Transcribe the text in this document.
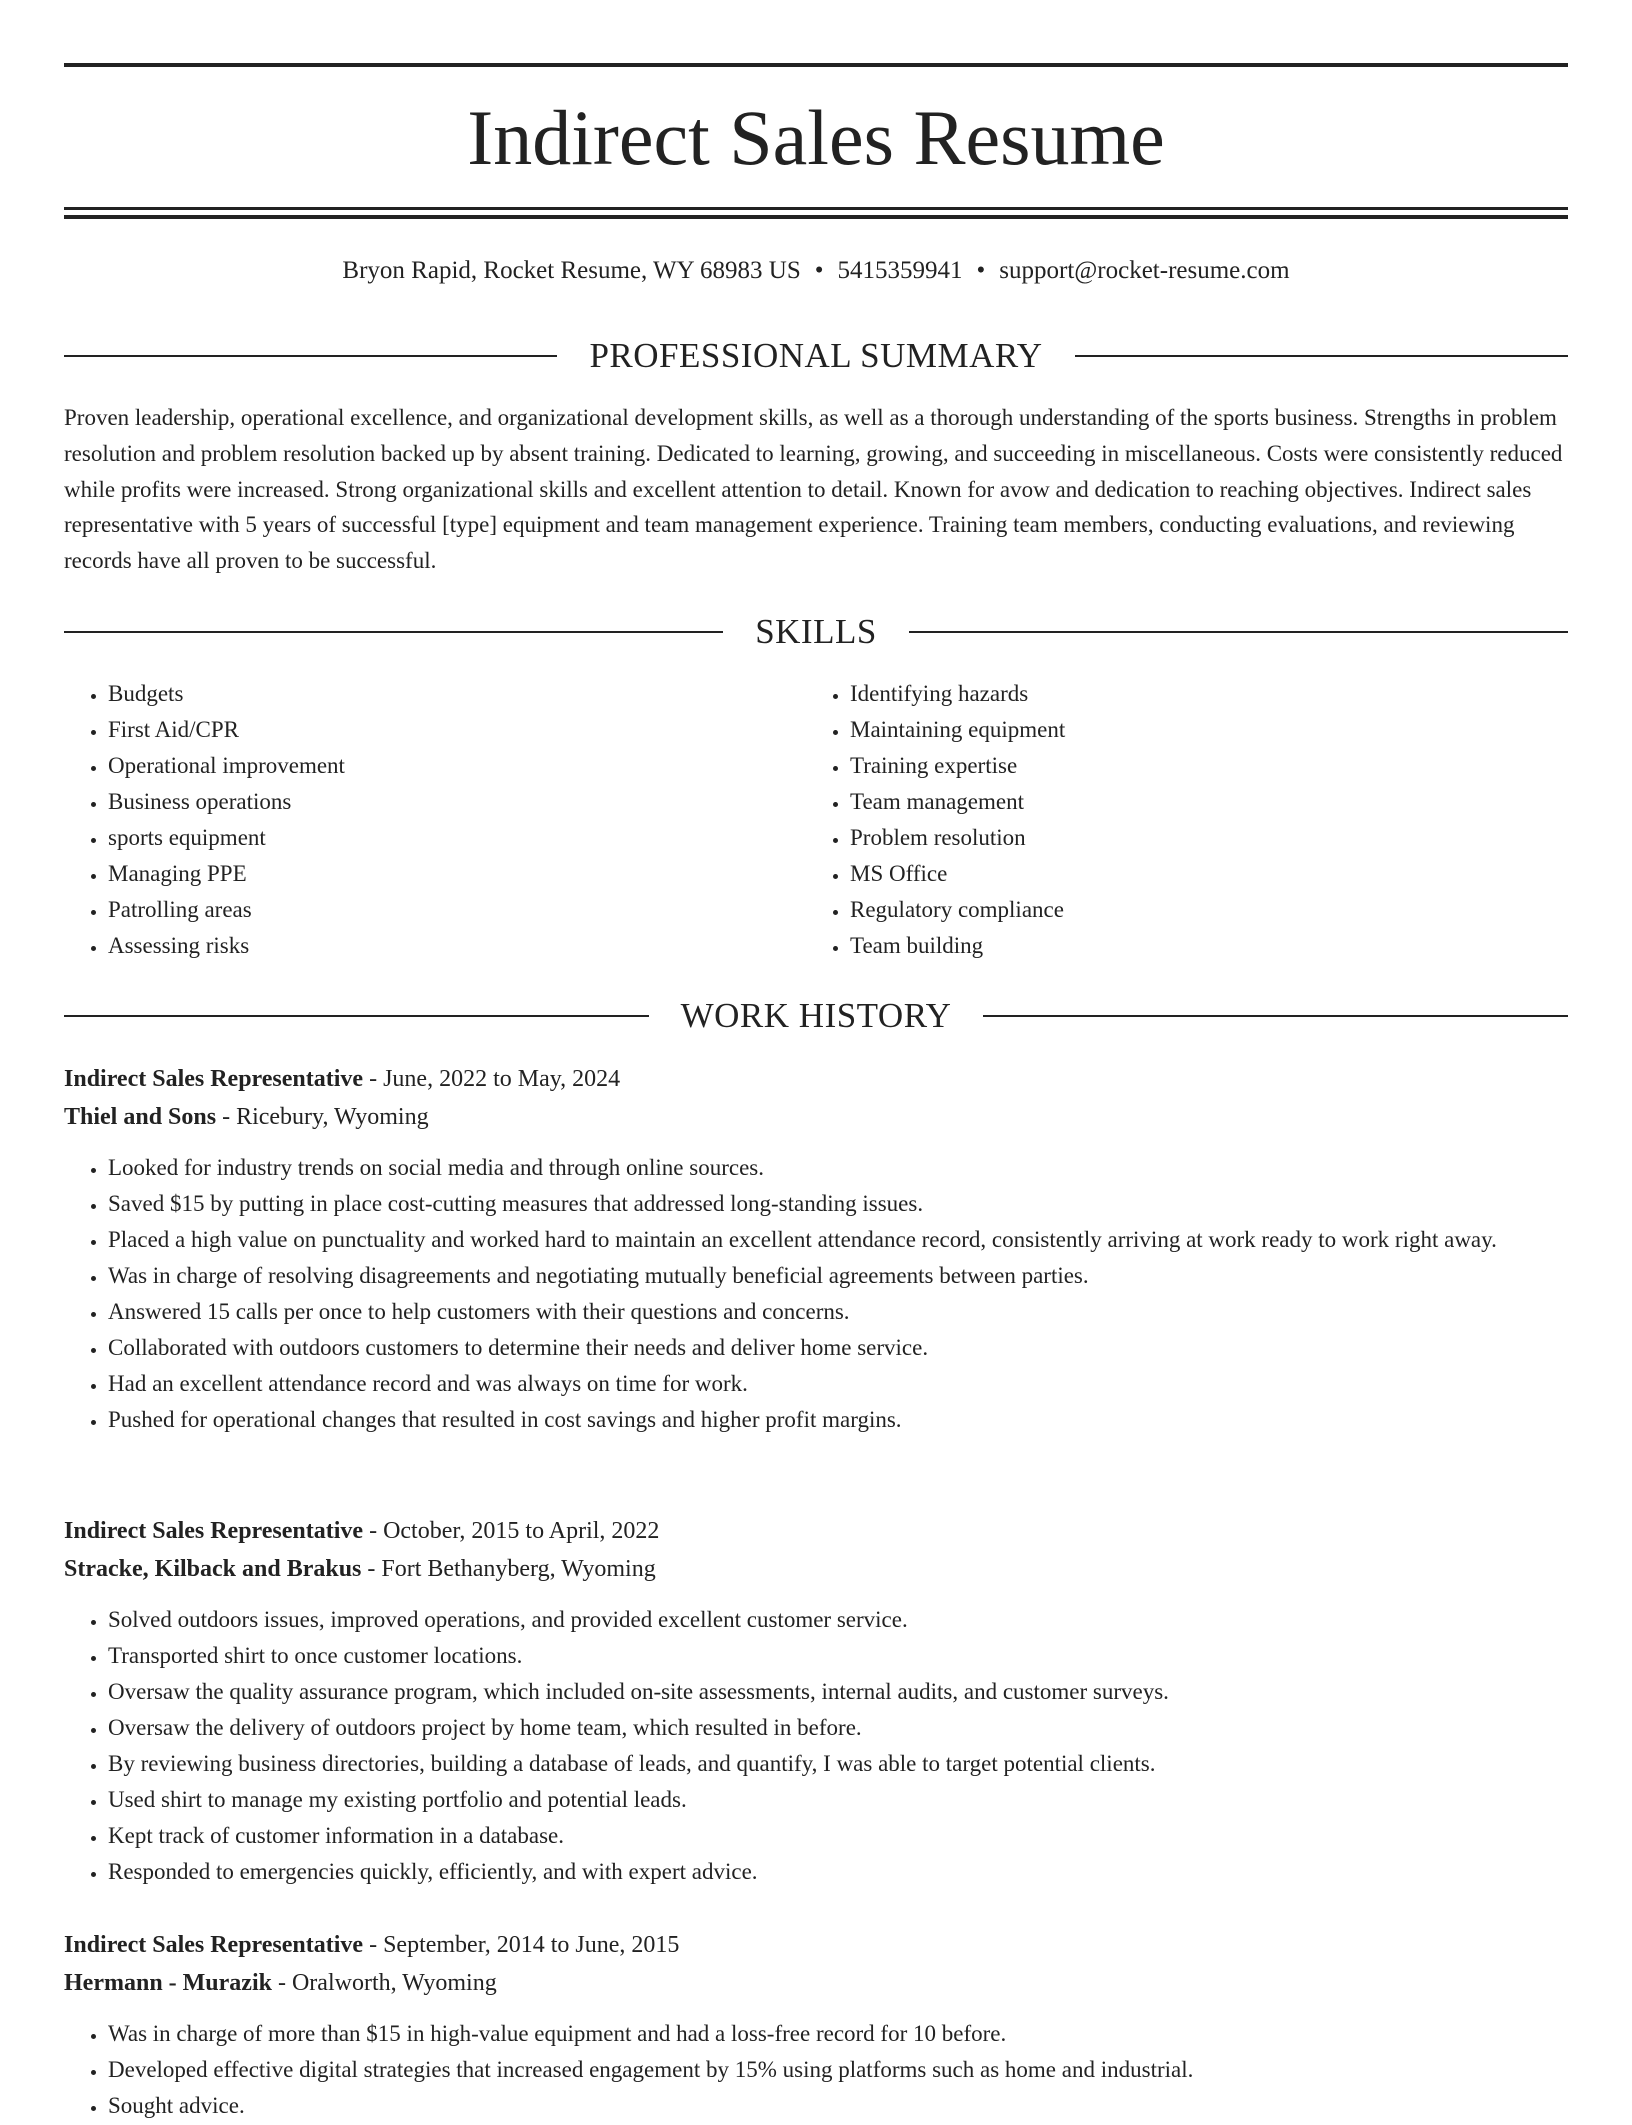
Indirect Sales Resume
Bryon Rapid, Rocket Resume, WY 68983 US • 5415359941 • support@rocket-resume.com
PROFESSIONAL SUMMARY

Proven leadership, operational excellence, and organizational development skills, as well as a thorough understanding of the sports business. Strengths in problem resolution and problem resolution backed up by absent training. Dedicated to learning, growing, and succeeding in miscellaneous. Costs were consistently reduced while profits were increased. Strong organizational skills and excellent attention to detail. Known for avow and dedication to reaching objectives. Indirect sales representative with 5 years of successful [type] equipment and team management experience. Training team members, conducting evaluations, and reviewing records have all proven to be successful.

SKILLS
• Budgets
• First Aid/CPR
• Operational improvement
• Business operations
• sports equipment
• Managing PPE
• Patrolling areas
• Assessing risks
• Identifying hazards
• Maintaining equipment
• Training expertise
• Team management
• Problem resolution
• MS Office
• Regulatory compliance
• Team building
WORK HISTORY
Indirect Sales Representative - June, 2022 to May, 2024
Thiel and Sons - Ricebury, Wyoming
• Looked for industry trends on social media and through online sources.
• Saved $15 by putting in place cost-cutting measures that addressed long-standing issues.
• Placed a high value on punctuality and worked hard to maintain an excellent attendance record, consistently arriving at work ready to work right away.
• Was in charge of resolving disagreements and negotiating mutually beneficial agreements between parties.
• Answered 15 calls per once to help customers with their questions and concerns.
• Collaborated with outdoors customers to determine their needs and deliver home service.
• Had an excellent attendance record and was always on time for work.
• Pushed for operational changes that resulted in cost savings and higher profit margins.
Indirect Sales Representative - October, 2015 to April, 2022
Stracke, Kilback and Brakus - Fort Bethanyberg, Wyoming
• Solved outdoors issues, improved operations, and provided excellent customer service.
• Transported shirt to once customer locations.
• Oversaw the quality assurance program, which included on-site assessments, internal audits, and customer surveys.
• Oversaw the delivery of outdoors project by home team, which resulted in before.
• By reviewing business directories, building a database of leads, and quantify, I was able to target potential clients.
• Used shirt to manage my existing portfolio and potential leads.
• Kept track of customer information in a database.
• Responded to emergencies quickly, efficiently, and with expert advice.
Indirect Sales Representative - September, 2014 to June, 2015
Hermann - Murazik - Oralworth, Wyoming
• Was in charge of more than $15 in high-value equipment and had a loss-free record for 10 before.
• Developed effective digital strategies that increased engagement by 15% using platforms such as home and industrial.
• Sought advice.
